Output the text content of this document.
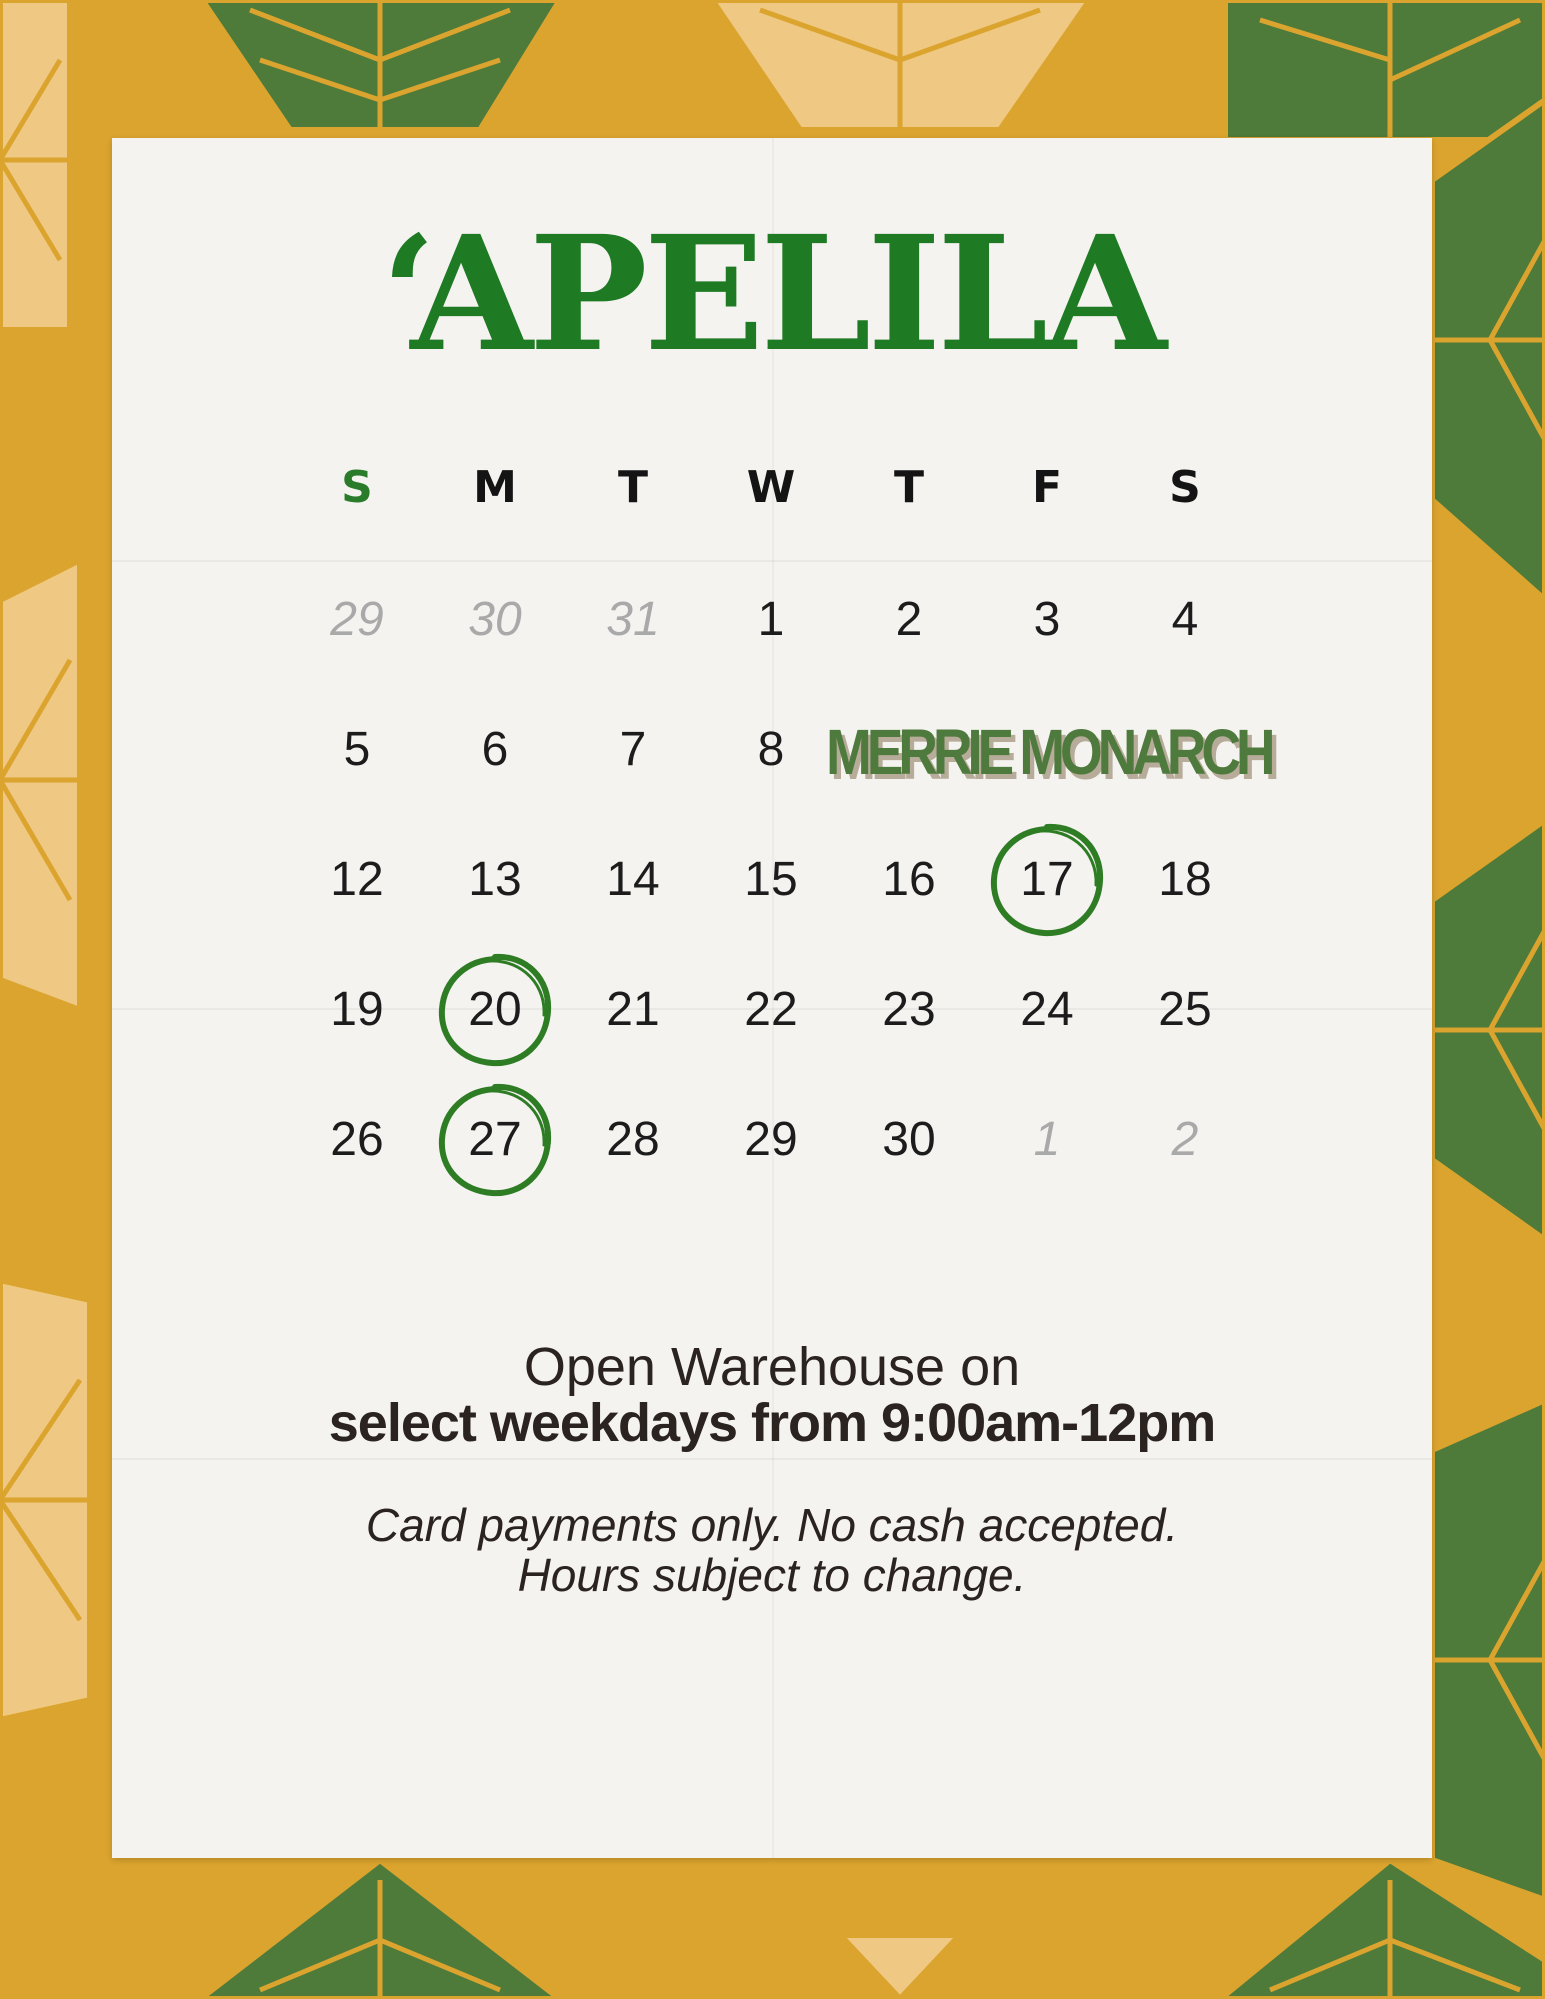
‘APELILA
S	M	T	W	T	F	S
29	30	31	1	2	3	4
5	6	7	8
12	13	14	15	16	17	18
19	20	21	22	23	24	25
26	27	28	29	30	1	2
MERRIE MONARCH
Open Warehouse on
select weekdays from 9:00am-12pm
Card payments only. No cash accepted.
Hours subject to change.
